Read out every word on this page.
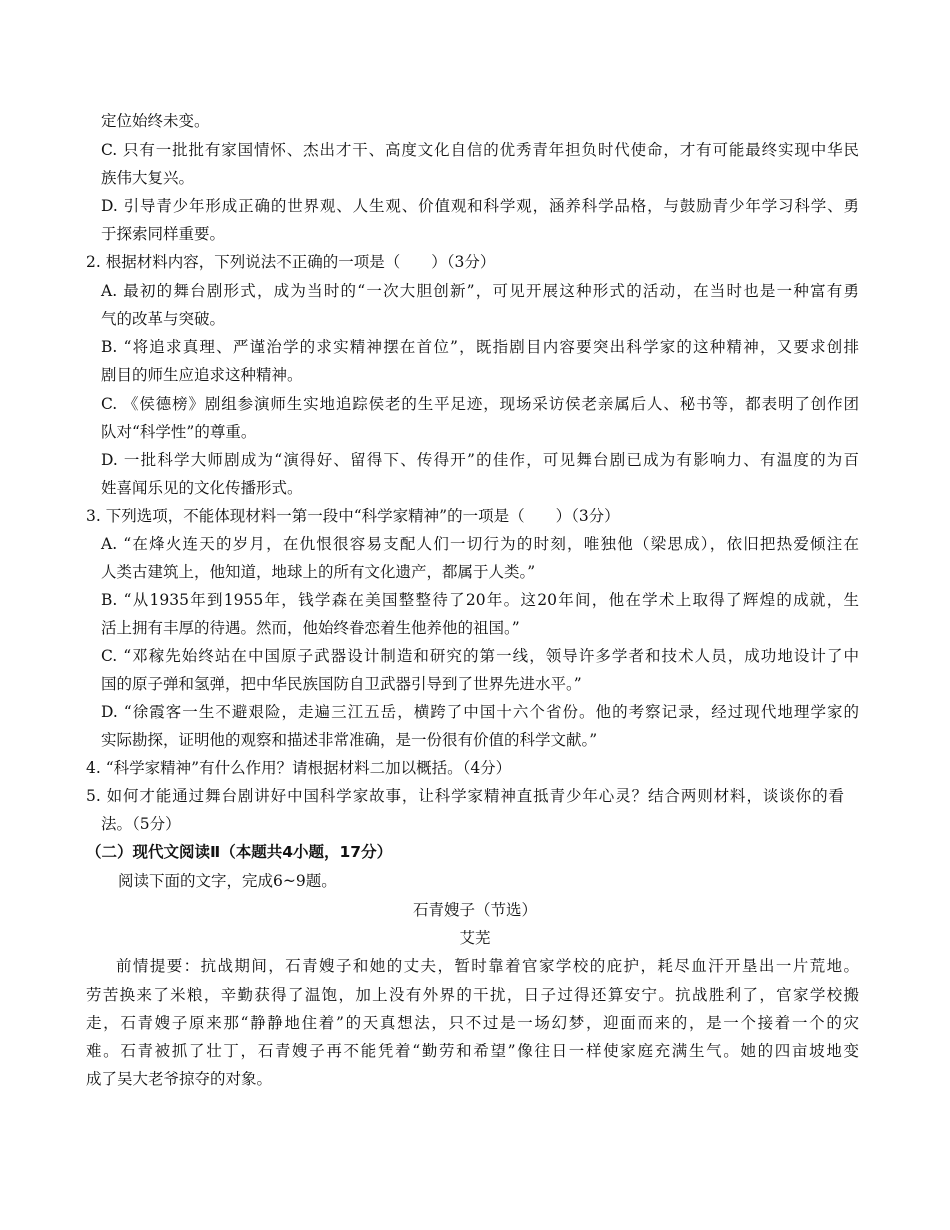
定位始终未变。
C. 只有一批批有家国情怀、杰出才干、高度文化自信的优秀青年担负时代使命，才有可能最终实现中华民
族伟大复兴。
D. 引导青少年形成正确的世界观、人生观、价值观和科学观，涵养科学品格，与鼓励青少年学习科学、勇
于探索同样重要。
2. 根据材料内容，下列说法不正确的一项是（　　）（3分）
A. 最初的舞台剧形式，成为当时的“一次大胆创新”，可见开展这种形式的活动，在当时也是一种富有勇
气的改革与突破。
B. “将追求真理、严谨治学的求实精神摆在首位”，既指剧目内容要突出科学家的这种精神，又要求创排
剧目的师生应追求这种精神。
C. 《侯德榜》剧组参演师生实地追踪侯老的生平足迹，现场采访侯老亲属后人、秘书等，都表明了创作团
队对“科学性”的尊重。
D. 一批科学大师剧成为“演得好、留得下、传得开”的佳作，可见舞台剧已成为有影响力、有温度的为百
姓喜闻乐见的文化传播形式。
3. 下列选项，不能体现材料一第一段中“科学家精神”的一项是（　　）（3分）
A. “在烽火连天的岁月，在仇恨很容易支配人们一切行为的时刻，唯独他（梁思成），依旧把热爱倾注在
人类古建筑上，他知道，地球上的所有文化遗产，都属于人类。”
B. “从1935年到1955年，钱学森在美国整整待了20年。这20年间，他在学术上取得了辉煌的成就，生
活上拥有丰厚的待遇。然而，他始终眷恋着生他养他的祖国。”
C. “邓稼先始终站在中国原子武器设计制造和研究的第一线，领导许多学者和技术人员，成功地设计了中
国的原子弹和氢弹，把中华民族国防自卫武器引导到了世界先进水平。”
D. “徐霞客一生不避艰险，走遍三江五岳，横跨了中国十六个省份。他的考察记录，经过现代地理学家的
实际勘探，证明他的观察和描述非常准确，是一份很有价值的科学文献。”
4. “科学家精神”有什么作用？请根据材料二加以概括。（4分）
5. 如何才能通过舞台剧讲好中国科学家故事，让科学家精神直抵青少年心灵？结合两则材料，谈谈你的看
法。（5分）
（二）现代文阅读Ⅱ（本题共4小题，17分）
阅读下面的文字，完成6~9题。
石青嫂子（节选）
艾芜
前情提要：抗战期间，石青嫂子和她的丈夫，暂时靠着官家学校的庇护，耗尽血汗开垦出一片荒地。
劳苦换来了米粮，辛勤获得了温饱，加上没有外界的干扰，日子过得还算安宁。抗战胜利了，官家学校搬
走，石青嫂子原来那“静静地住着”的天真想法，只不过是一场幻梦，迎面而来的，是一个接着一个的灾
难。石青被抓了壮丁，石青嫂子再不能凭着“勤劳和希望”像往日一样使家庭充满生气。她的四亩坡地变
成了吴大老爷掠夺的对象。
